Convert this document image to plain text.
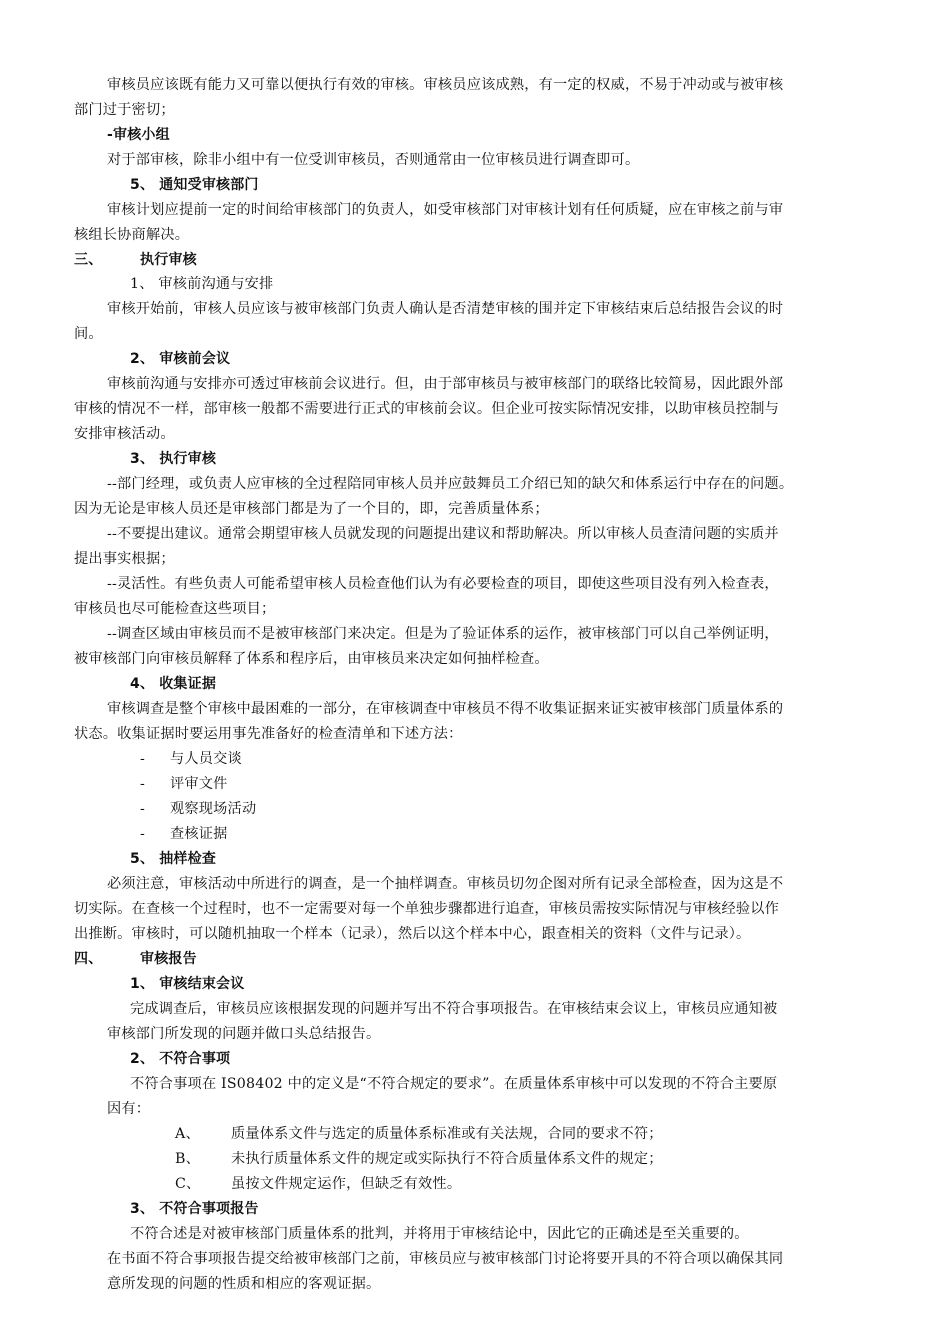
审核员应该既有能力又可靠以便执行有效的审核。审核员应该成熟，有一定的权威，不易于冲动或与被审核
部门过于密切；
-审核小组
对于部审核，除非小组中有一位受训审核员，否则通常由一位审核员进行调查即可。
5、 通知受审核部门
审核计划应提前一定的时间给审核部门的负责人，如受审核部门对审核计划有任何质疑，应在审核之前与审
核组长协商解决。
三、	执行审核
1、 审核前沟通与安排
审核开始前，审核人员应该与被审核部门负责人确认是否清楚审核的围并定下审核结束后总结报告会议的时
间。
2、 审核前会议
审核前沟通与安排亦可透过审核前会议进行。但，由于部审核员与被审核部门的联络比较简易，因此跟外部
审核的情况不一样，部审核一般都不需要进行正式的审核前会议。但企业可按实际情况安排，以助审核员控制与
安排审核活动。
3、 执行审核
--部门经理，或负责人应审核的全过程陪同审核人员并应鼓舞员工介绍已知的缺欠和体系运行中存在的问题。
因为无论是审核人员还是审核部门都是为了一个目的，即，完善质量体系；
--不要提出建议。通常会期望审核人员就发现的问题提出建议和帮助解决。所以审核人员查清问题的实质并
提出事实根据；
--灵活性。有些负责人可能希望审核人员检查他们认为有必要检查的项目，即使这些项目没有列入检查表，
审核员也尽可能检查这些项目；
--调查区域由审核员而不是被审核部门来决定。但是为了验证体系的运作，被审核部门可以自己举例证明，
被审核部门向审核员解释了体系和程序后，由审核员来决定如何抽样检查。
4、 收集证据
审核调查是整个审核中最困难的一部分，在审核调查中审核员不得不收集证据来证实被审核部门质量体系的
状态。收集证据时要运用事先准备好的检查清单和下述方法：
- 与人员交谈
- 评审文件
- 观察现场活动
- 查核证据
5、 抽样检查
必须注意，审核活动中所进行的调查，是一个抽样调查。审核员切勿企图对所有记录全部检查，因为这是不
切实际。在查核一个过程时，也不一定需要对每一个单独步骤都进行追查，审核员需按实际情况与审核经验以作
出推断。审核时，可以随机抽取一个样本（记录），然后以这个样本中心，跟查相关的资料（文件与记录）。
四、	审核报告
1、 审核结束会议
完成调查后，审核员应该根据发现的问题并写出不符合事项报告。在审核结束会议上，审核员应通知被
审核部门所发现的问题并做口头总结报告。
2、 不符合事项
不符合事项在 IS08402 中的定义是“不符合规定的要求”。在质量体系审核中可以发现的不符合主要原
因有：
A、 质量体系文件与选定的质量体系标准或有关法规，合同的要求不符；
B、 未执行质量体系文件的规定或实际执行不符合质量体系文件的规定；
C、 虽按文件规定运作，但缺乏有效性。
3、 不符合事项报告
不符合述是对被审核部门质量体系的批判，并将用于审核结论中，因此它的正确述是至关重要的。
在书面不符合事项报告提交给被审核部门之前，审核员应与被审核部门讨论将要开具的不符合项以确保其同
意所发现的问题的性质和相应的客观证据。
